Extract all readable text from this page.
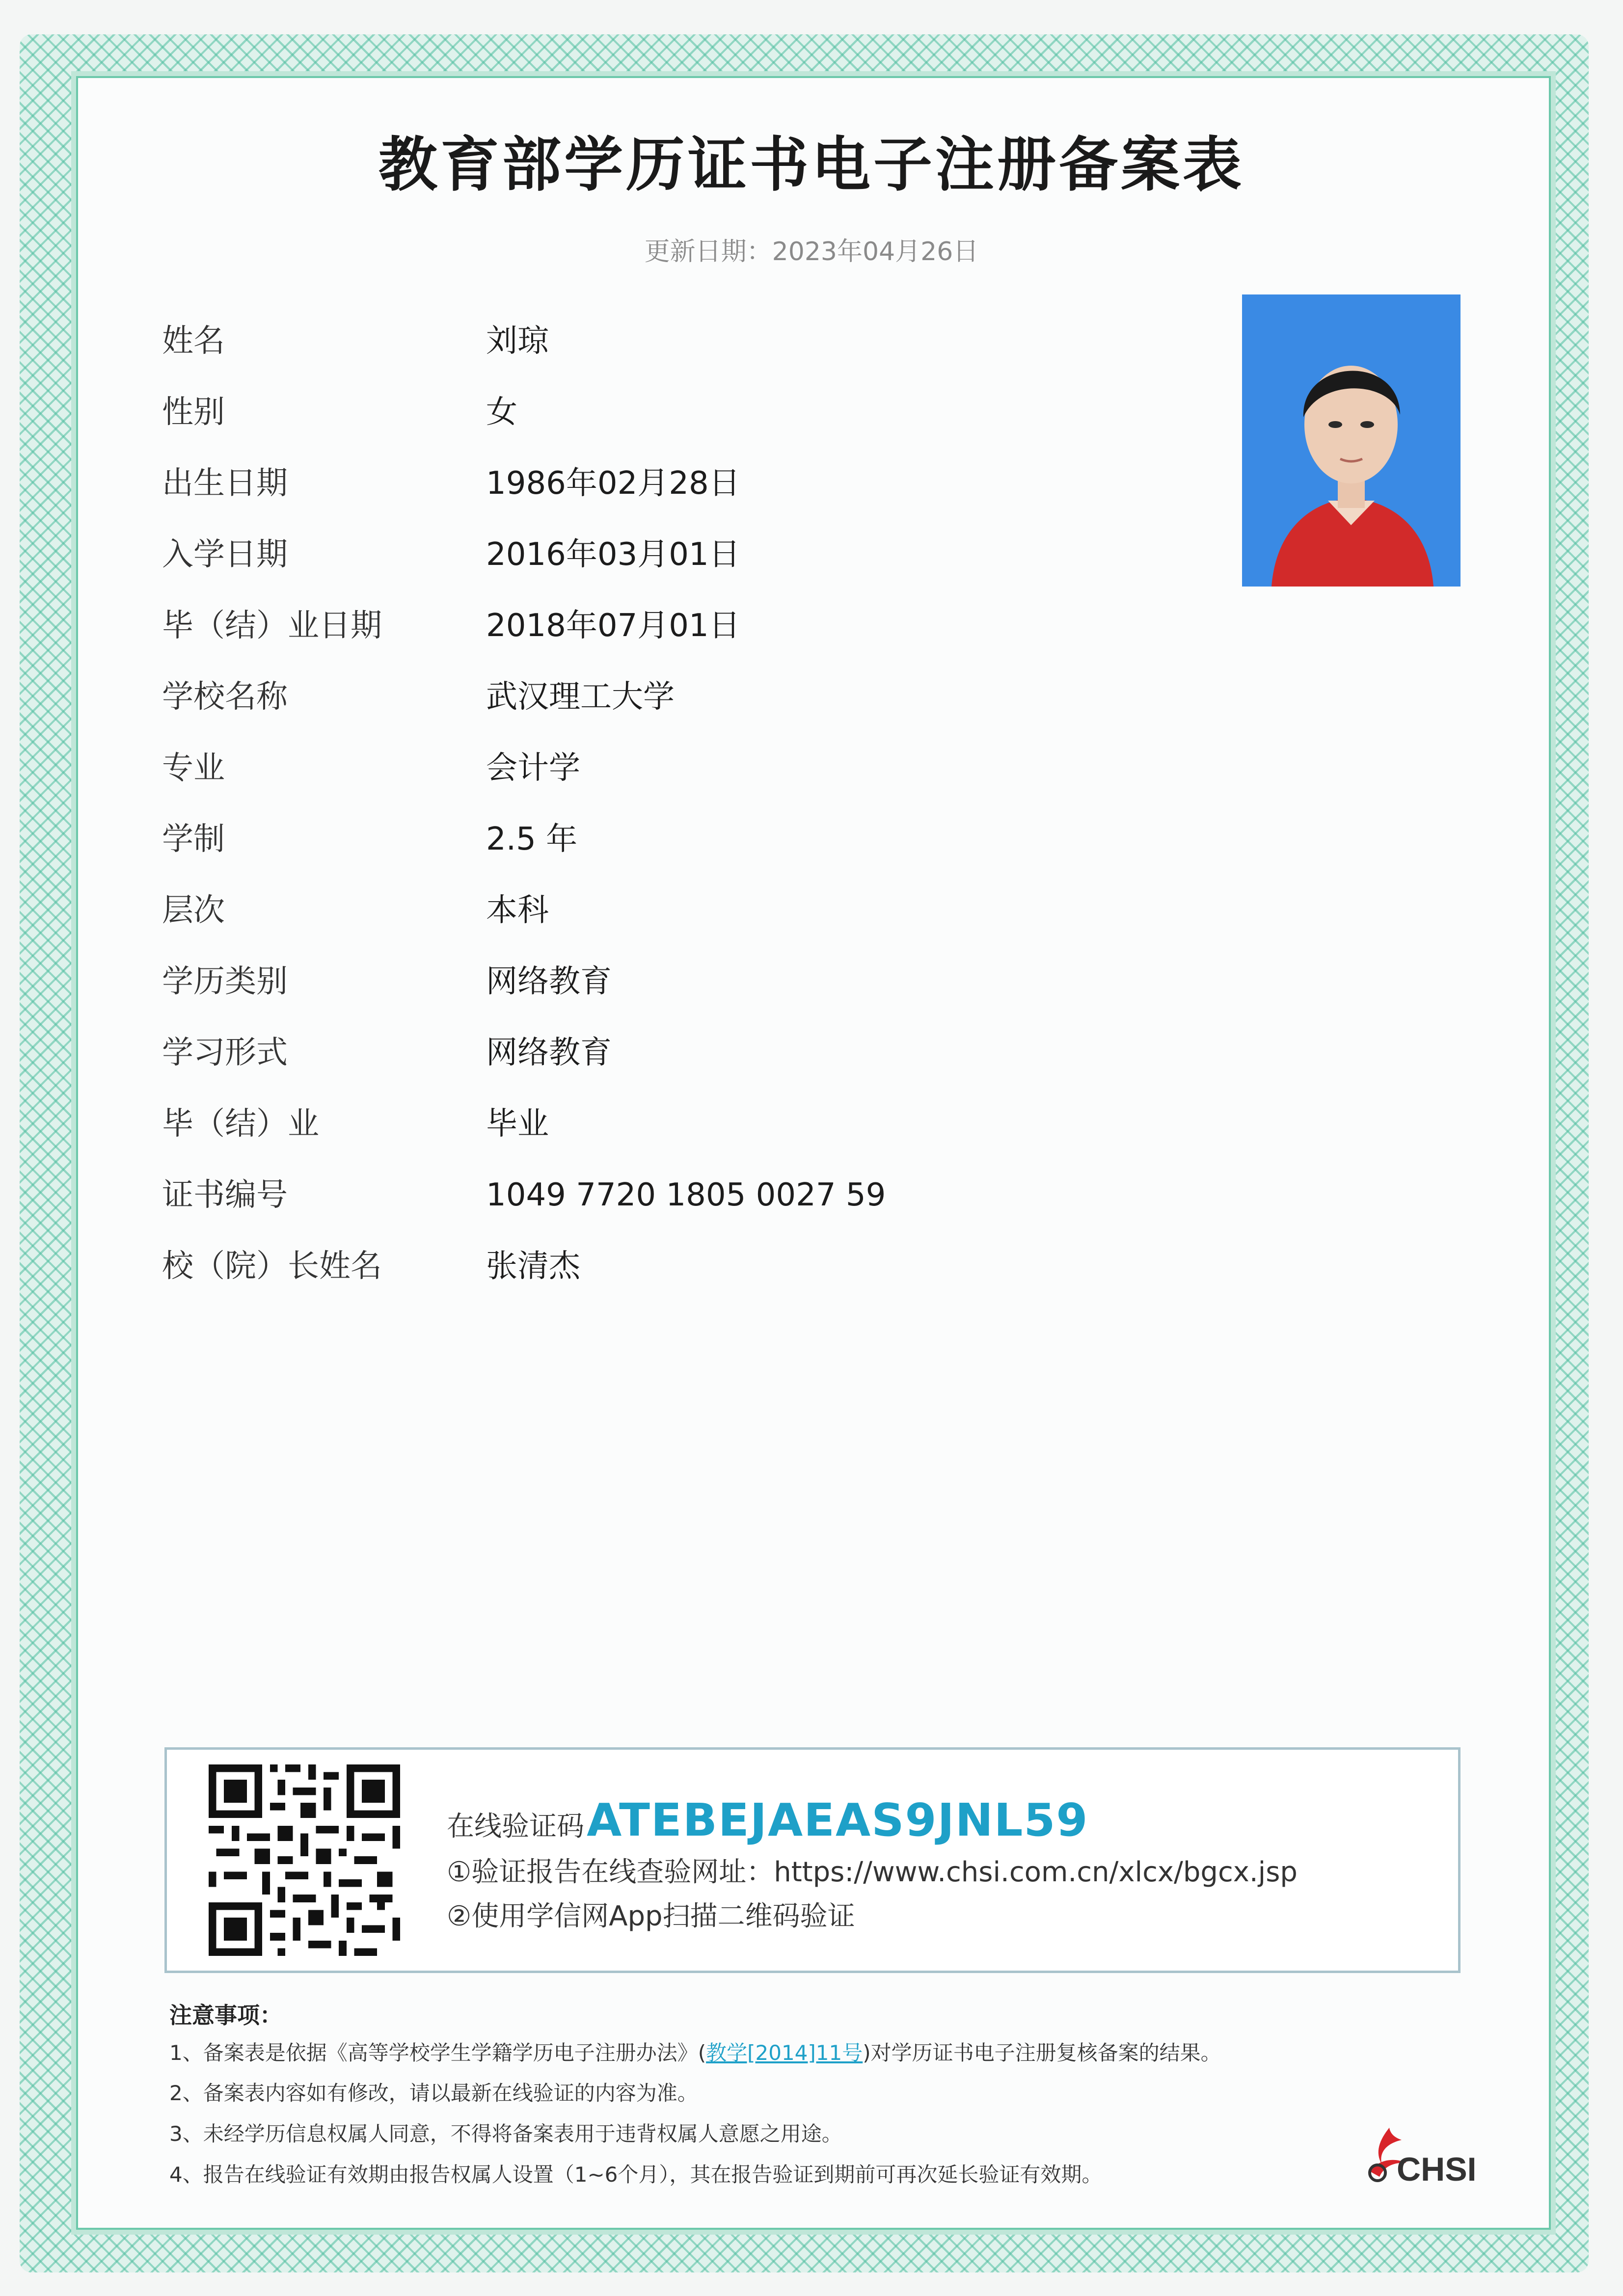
教育部学历证书电子注册备案表
更新日期：2023年04月26日
姓名	刘琼
性别	女
出生日期	1986年02月28日
入学日期	2016年03月01日
毕（结）业日期	2018年07月01日
学校名称	武汉理工大学
专业	会计学
学制	2.5 年
层次	本科
学历类别	网络教育
学习形式	网络教育
毕（结）业	毕业
证书编号	1049 7720 1805 0027 59
校（院）长姓名	张清杰
在线验证码 ATEBEJAEAS9JNL59
①验证报告在线查验网址：https://www.chsi.com.cn/xlcx/bgcx.jsp
②使用学信网App扫描二维码验证
注意事项：
1、备案表是依据《高等学校学生学籍学历电子注册办法》(教学[2014]11号)对学历证书电子注册复核备案的结果。
2、备案表内容如有修改，请以最新在线验证的内容为准。
3、未经学历信息权属人同意，不得将备案表用于违背权属人意愿之用途。
4、报告在线验证有效期由报告权属人设置（1~6个月），其在报告验证到期前可再次延长验证有效期。	CHSI
